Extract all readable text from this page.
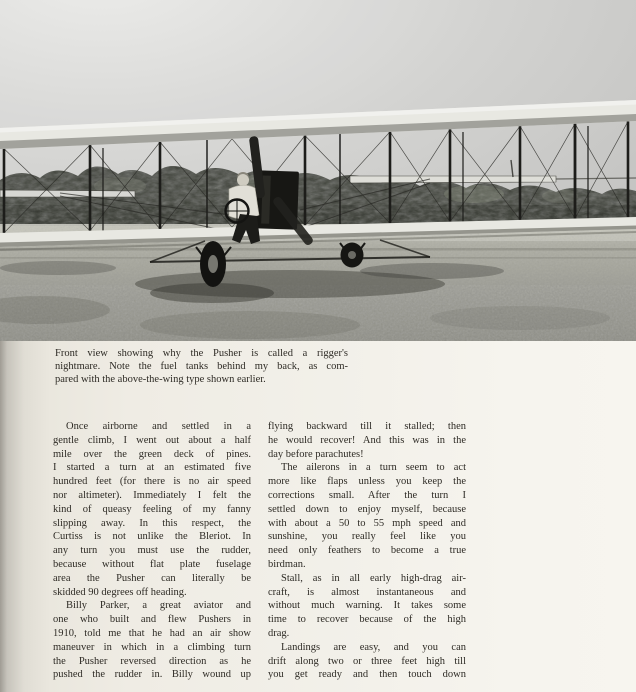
Front view showing why the Pusher is called a rigger's
nightmare. Note the fuel tanks behind my back, as com-
pared with the above-the-wing type shown earlier.
Once airborne and settled in a
gentle climb, I went out about a half
mile over the green deck of pines.
I started a turn at an estimated five
hundred feet (for there is no air speed
nor altimeter). Immediately I felt the
kind of queasy feeling of my fanny
slipping away. In this respect, the
Curtiss is not unlike the Bleriot. In
any turn you must use the rudder,
because without flat plate fuselage
area the Pusher can literally be
skidded 90 degrees off heading.
Billy Parker, a great aviator and
one who built and flew Pushers in
1910, told me that he had an air show
maneuver in which in a climbing turn
the Pusher reversed direction as he
pushed the rudder in. Billy wound up
flying backward till it stalled; then
he would recover! And this was in the
day before parachutes!
The ailerons in a turn seem to act
more like flaps unless you keep the
corrections small. After the turn I
settled down to enjoy myself, because
with about a 50 to 55 mph speed and
sunshine, you really feel like you
need only feathers to become a true
birdman.
Stall, as in all early high-drag air-
craft, is almost instantaneous and
without much warning. It takes some
time to recover because of the high
drag.
Landings are easy, and you can
drift along two or three feet high till
you get ready and then touch down
